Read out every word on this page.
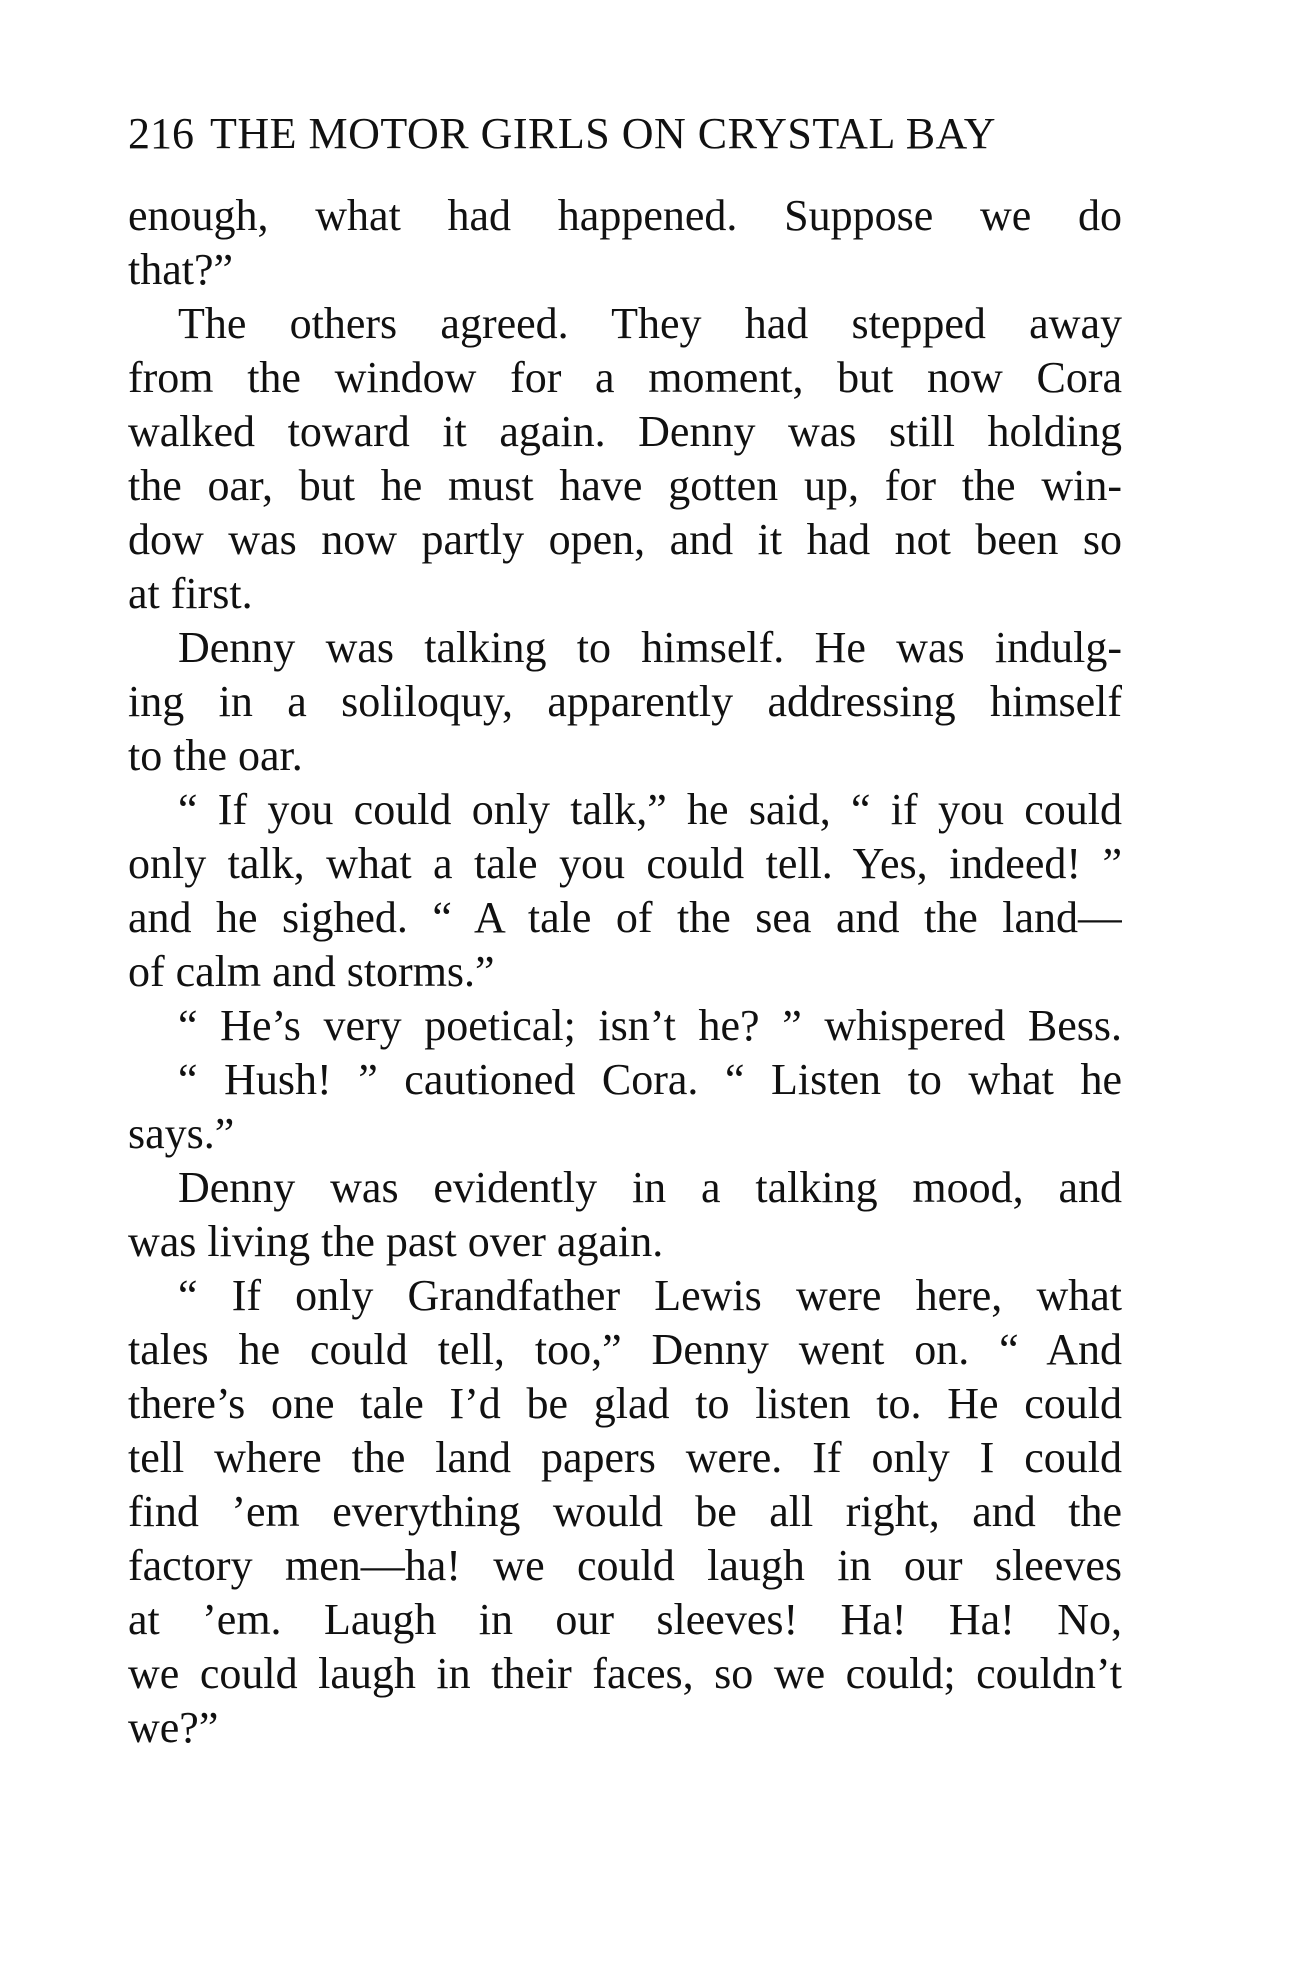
216 THE MOTOR GIRLS ON CRYSTAL BAY
enough, what had happened. Suppose we do
that?”
The others agreed. They had stepped away
from the window for a moment, but now Cora
walked toward it again. Denny was still holding
the oar, but he must have gotten up, for the win-
dow was now partly open, and it had not been so
at first.
Denny was talking to himself. He was indulg-
ing in a soliloquy, apparently addressing himself
to the oar.
“ If you could only talk,” he said, “ if you could
only talk, what a tale you could tell. Yes, indeed! ”
and he sighed. “ A tale of the sea and the land—
of calm and storms.”
“ He’s very poetical; isn’t he? ” whispered Bess.
“ Hush! ” cautioned Cora. “ Listen to what he
says.”
Denny was evidently in a talking mood, and
was living the past over again.
“ If only Grandfather Lewis were here, what
tales he could tell, too,” Denny went on. “ And
there’s one tale I’d be glad to listen to. He could
tell where the land papers were. If only I could
find ’em everything would be all right, and the
factory men—ha! we could laugh in our sleeves
at ’em. Laugh in our sleeves! Ha! Ha! No,
we could laugh in their faces, so we could; couldn’t
we?”
